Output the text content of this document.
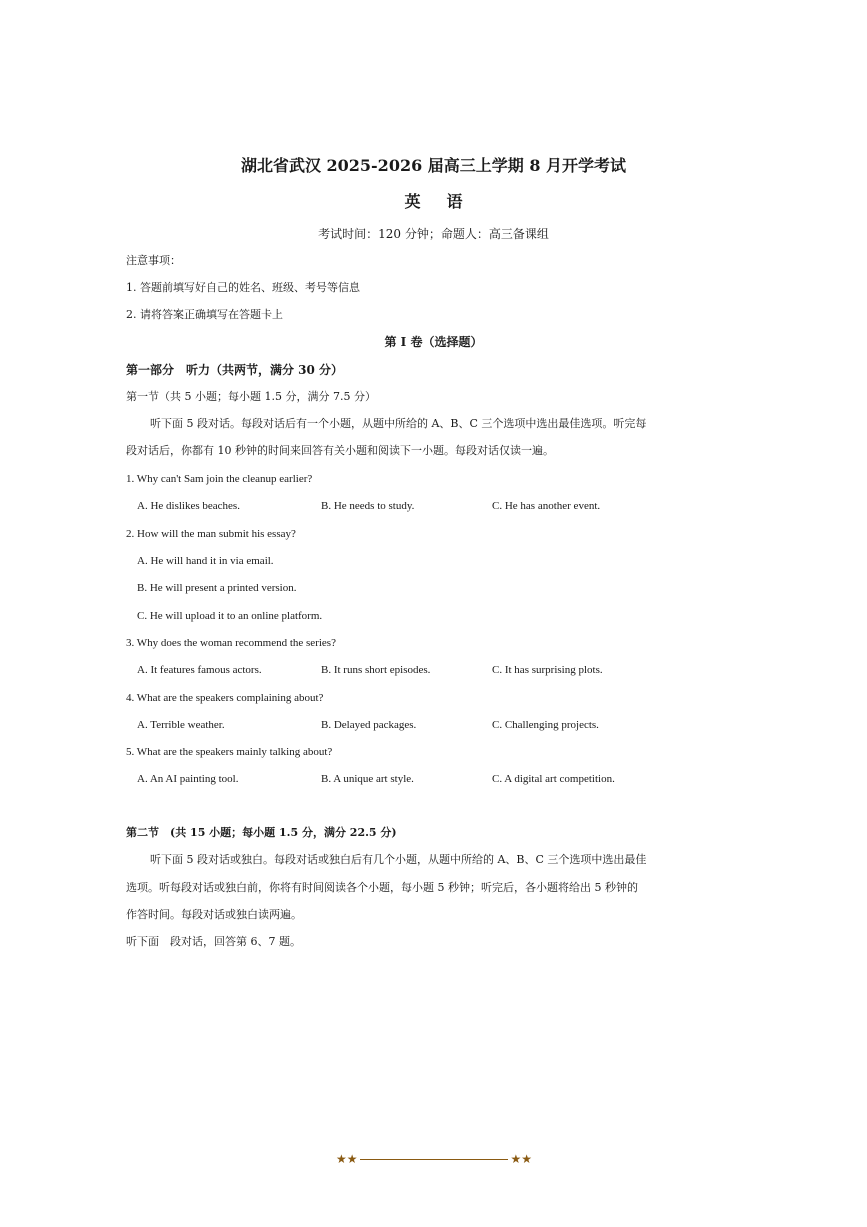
湖北省武汉 2025-2026 届高三上学期 8 月开学考试
英语
考试时间：120 分钟；命题人：高三备课组
注意事项：
1. 答题前填写好自己的姓名、班级、考号等信息
2. 请将答案正确填写在答题卡上
第 I 卷（选择题）
第一部分　听力（共两节，满分 30 分）
第一节（共 5 小题；每小题 1.5 分，满分 7.5 分）
听下面 5 段对话。每段对话后有一个小题，从题中所给的 A、B、C 三个选项中选出最佳选项。听完每
段对话后，你都有 10 秒钟的时间来回答有关小题和阅读下一小题。每段对话仅读一遍。
1. Why can't Sam join the cleanup earlier?
A. He dislikes beaches.	B. He needs to study.	C. He has another event.
2. How will the man submit his essay?
A. He will hand it in via email.
B. He will present a printed version.
C. He will upload it to an online platform.
3. Why does the woman recommend the series?
A. It features famous actors.	B. It runs short episodes.	C. It has surprising plots.
4. What are the speakers complaining about?
A. Terrible weather.	B. Delayed packages.	C. Challenging projects.
5. What are the speakers mainly talking about?
A. An AI painting tool.	B. A unique art style.	C. A digital art competition.
第二节　(共 15 小题；每小题 1.5 分，满分 22.5 分)
听下面 5 段对话或独白。每段对话或独白后有几个小题，从题中所给的 A、B、C 三个选项中选出最佳
选项。听每段对话或独白前，你将有时间阅读各个小题，每小题 5 秒钟；听完后，各小题将给出 5 秒钟的
作答时间。每段对话或独白读两遍。
听下面　段对话，回答第 6、7 题。
★★	★★
